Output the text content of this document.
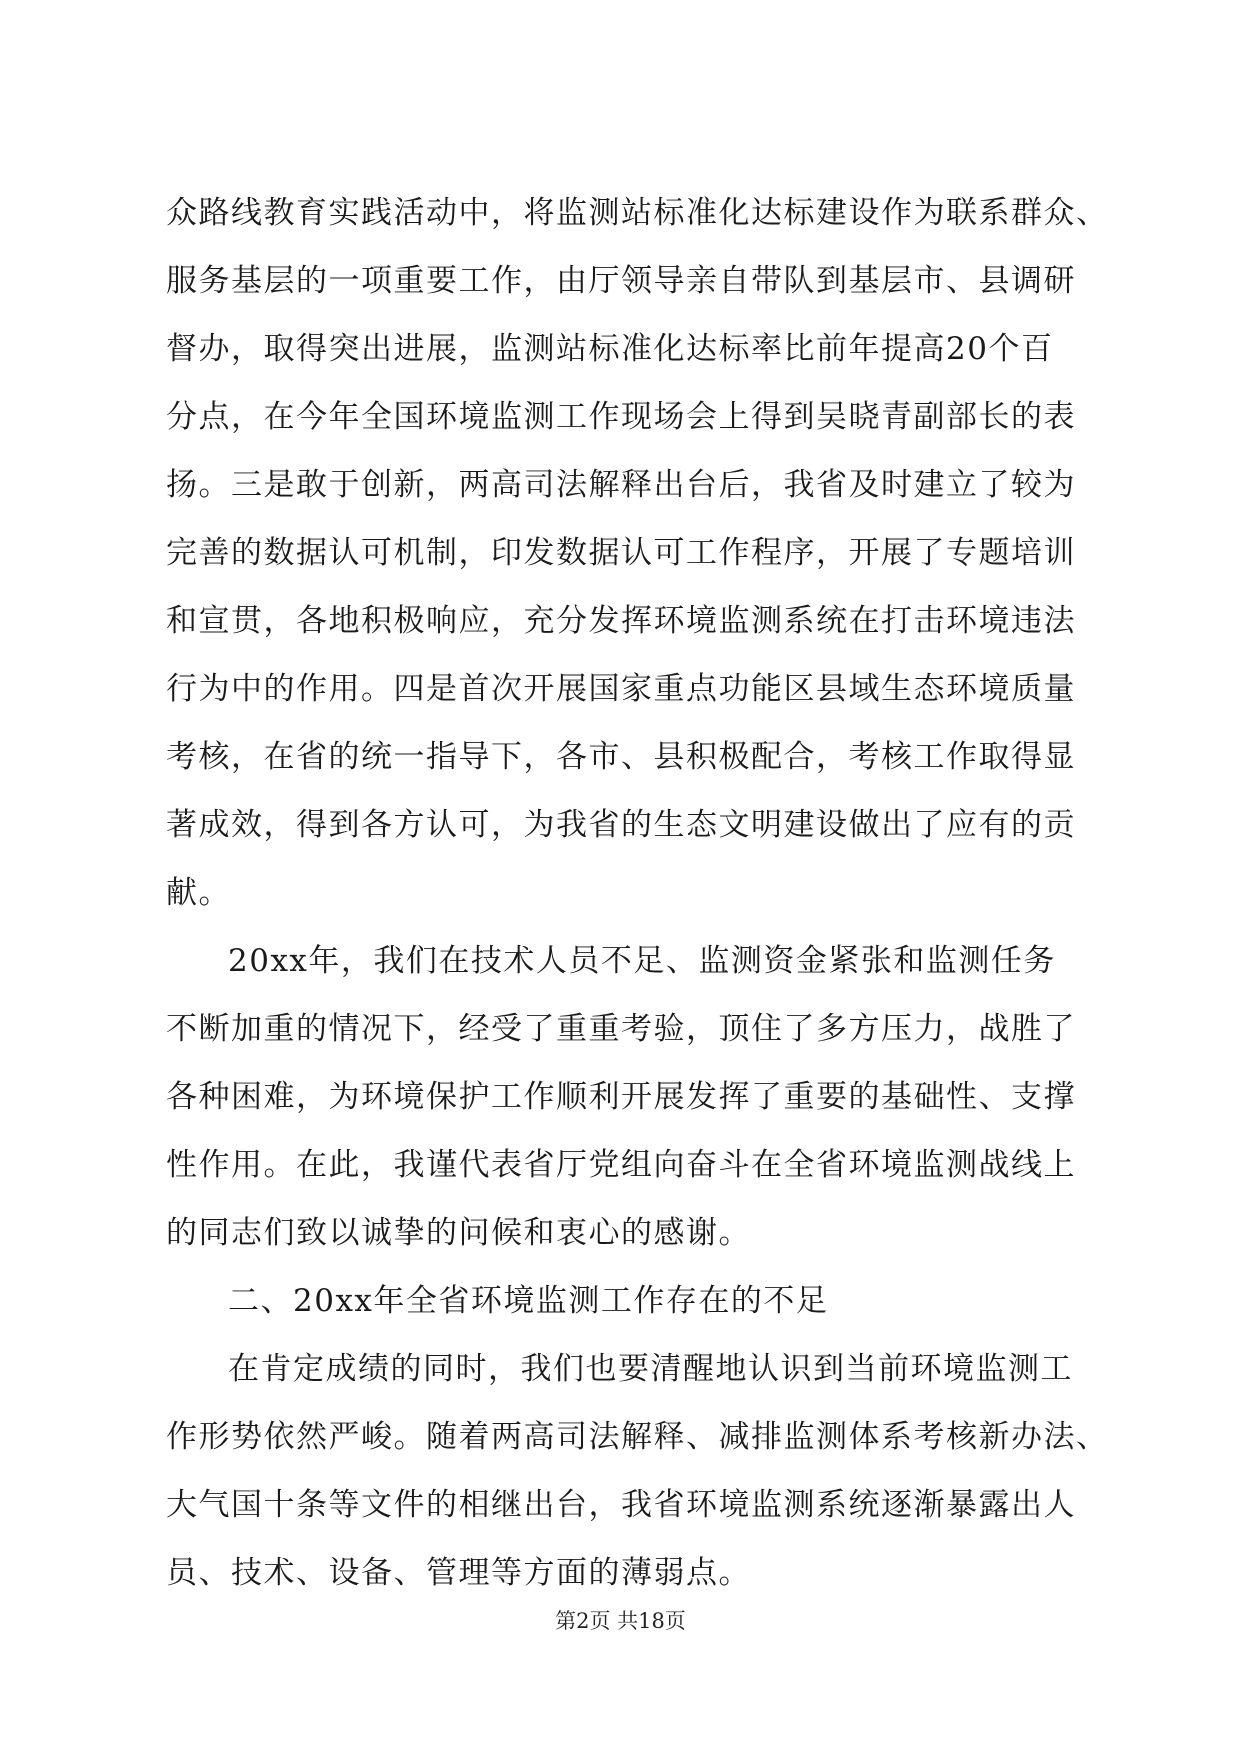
众路线教育实践活动中，将监测站标准化达标建设作为联系群众、
服务基层的一项重要工作，由厅领导亲自带队到基层市、县调研
督办，取得突出进展，监测站标准化达标率比前年提高20个百
分点，在今年全国环境监测工作现场会上得到吴晓青副部长的表
扬。三是敢于创新，两高司法解释出台后，我省及时建立了较为
完善的数据认可机制，印发数据认可工作程序，开展了专题培训
和宣贯，各地积极响应，充分发挥环境监测系统在打击环境违法
行为中的作用。四是首次开展国家重点功能区县域生态环境质量
考核，在省的统一指导下，各市、县积极配合，考核工作取得显
著成效，得到各方认可，为我省的生态文明建设做出了应有的贡
献。
20xx年，我们在技术人员不足、监测资金紧张和监测任务
不断加重的情况下，经受了重重考验，顶住了多方压力，战胜了
各种困难，为环境保护工作顺利开展发挥了重要的基础性、支撑
性作用。在此，我谨代表省厅党组向奋斗在全省环境监测战线上
的同志们致以诚挚的问候和衷心的感谢。
二、20xx年全省环境监测工作存在的不足
在肯定成绩的同时，我们也要清醒地认识到当前环境监测工
作形势依然严峻。随着两高司法解释、减排监测体系考核新办法、
大气国十条等文件的相继出台，我省环境监测系统逐渐暴露出人
员、技术、设备、管理等方面的薄弱点。
第2页 共18页
